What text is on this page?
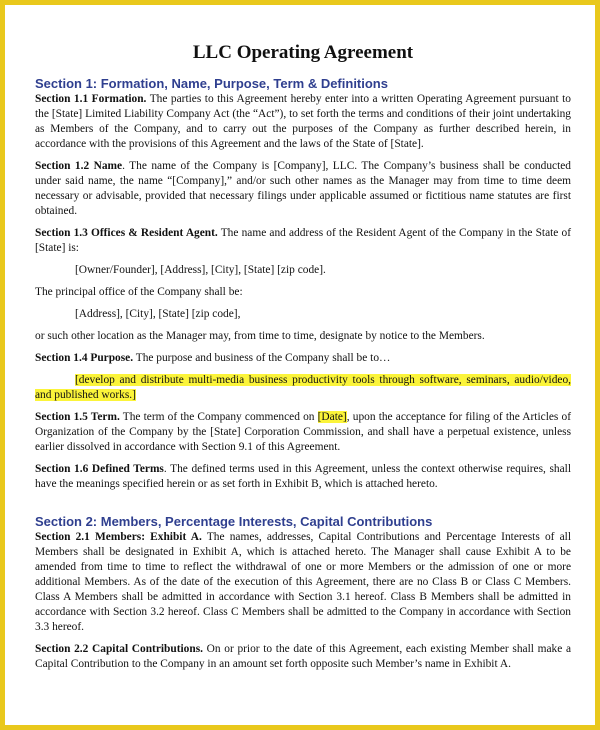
LLC Operating Agreement
Section 1: Formation, Name, Purpose, Term & Definitions

Section 1.1 Formation. The parties to this Agreement hereby enter into a written Operating Agreement pursuant to the [State] Limited Liability Company Act (the “Act”), to set forth the terms and conditions of their joint undertaking as Members of the Company, and to carry out the purposes of the Company as further described herein, in accordance with the provisions of this Agreement and the laws of the State of [State].

Section 1.2 Name. The name of the Company is [Company], LLC. The Company’s business shall be conducted under said name, the name “[Company],” and/or such other names as the Manager may from time to time deem necessary or advisable, provided that necessary filings under applicable assumed or fictitious name statutes are first obtained.

Section 1.3 Offices & Resident Agent. The name and address of the Resident Agent of the Company in the State of [State] is:

[Owner/Founder], [Address], [City], [State] [zip code].

The principal office of the Company shall be:

[Address], [City], [State] [zip code],

or such other location as the Manager may, from time to time, designate by notice to the Members.

Section 1.4 Purpose. The purpose and business of the Company shall be to…

[develop and distribute multi-media business productivity tools through software, seminars, audio/video, and published works.]

Section 1.5 Term. The term of the Company commenced on [Date], upon the acceptance for filing of the Articles of Organization of the Company by the [State] Corporation Commission, and shall have a perpetual existence, unless earlier dissolved in accordance with Section 9.1 of this Agreement.

Section 1.6 Defined Terms. The defined terms used in this Agreement, unless the context otherwise requires, shall have the meanings specified herein or as set forth in Exhibit B, which is attached hereto.

Section 2: Members, Percentage Interests, Capital Contributions

Section 2.1 Members: Exhibit A. The names, addresses, Capital Contributions and Percentage Interests of all Members shall be designated in Exhibit A, which is attached hereto. The Manager shall cause Exhibit A to be amended from time to time to reflect the withdrawal of one or more Members or the admission of one or more additional Members. As of the date of the execution of this Agreement, there are no Class B or Class C Members. Class A Members shall be admitted in accordance with Section 3.1 hereof. Class B Members shall be admitted in accordance with Section 3.2 hereof. Class C Members shall be admitted to the Company in accordance with Section 3.3 hereof.

Section 2.2 Capital Contributions. On or prior to the date of this Agreement, each existing Member shall make a Capital Contribution to the Company in an amount set forth opposite such Member’s name in Exhibit A.
